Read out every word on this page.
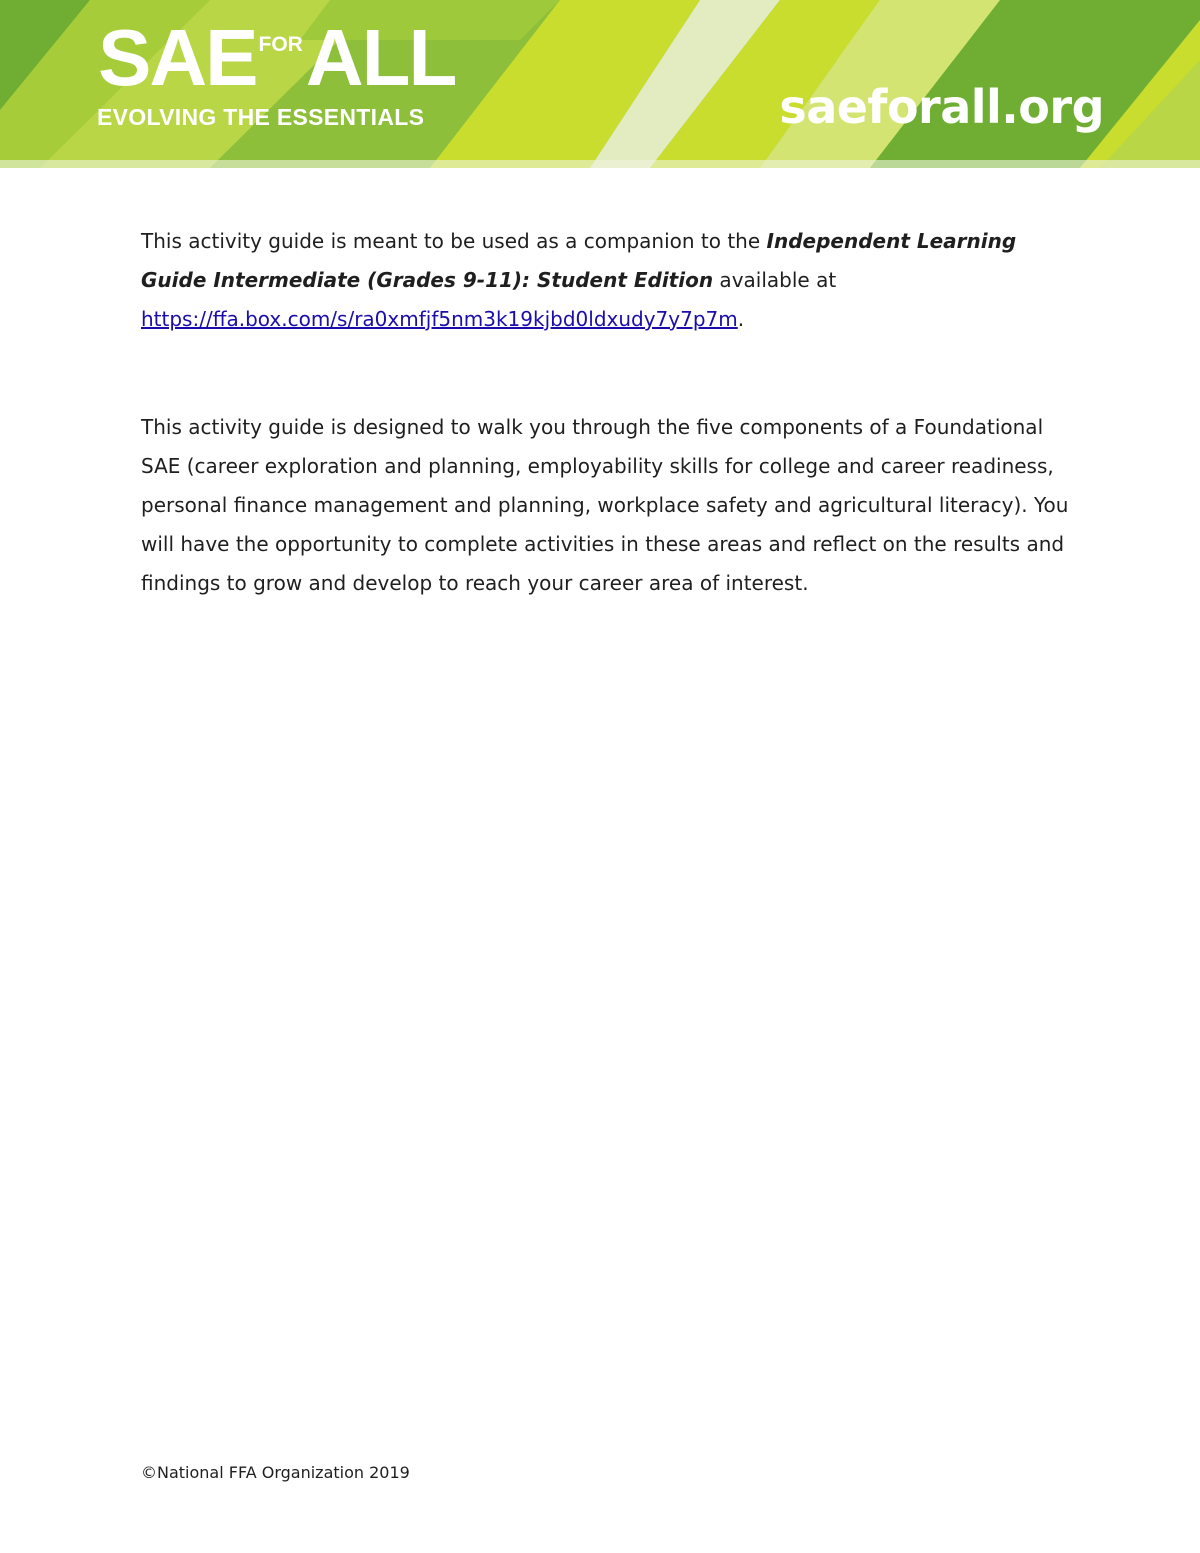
SAEFORALL
EVOLVING THE ESSENTIALS	saeforall.org

This activity guide is meant to be used as a companion to the Independent Learning Guide Intermediate (Grades 9-11): Student Edition available at https://ffa.box.com/s/ra0xmfjf5nm3k19kjbd0ldxudy7y7p7m.

This activity guide is designed to walk you through the five components of a Foundational SAE (career exploration and planning, employability skills for college and career readiness, personal finance management and planning, workplace safety and agricultural literacy). You will have the opportunity to complete activities in these areas and reflect on the results and findings to grow and develop to reach your career area of interest.

©National FFA Organization 2019
